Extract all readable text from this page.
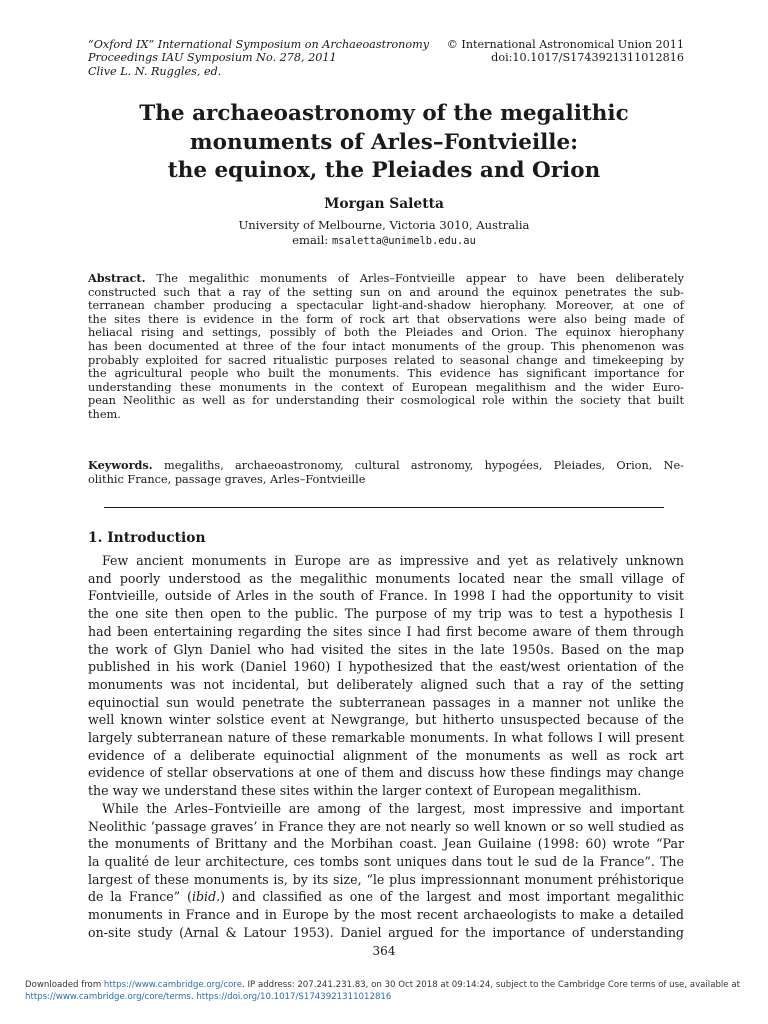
“Oxford IX” International Symposium on Archaeoastronomy
Proceedings IAU Symposium No. 278, 2011
Clive L. N. Ruggles, ed.
© International Astronomical Union 2011
doi:10.1017/S1743921311012816
The archaeoastronomy of the megalithic
monuments of Arles–Fontvieille:
the equinox, the Pleiades and Orion
Morgan Saletta
University of Melbourne, Victoria 3010, Australia
email: msaletta@unimelb.edu.au
Abstract. The megalithic monuments of Arles–Fontvieille appear to have been deliberately
constructed such that a ray of the setting sun on and around the equinox penetrates the sub-
terranean chamber producing a spectacular light-and-shadow hierophany. Moreover, at one of
the sites there is evidence in the form of rock art that observations were also being made of
heliacal rising and settings, possibly of both the Pleiades and Orion. The equinox hierophany
has been documented at three of the four intact monuments of the group. This phenomenon was
probably exploited for sacred ritualistic purposes related to seasonal change and timekeeping by
the agricultural people who built the monuments. This evidence has significant importance for
understanding these monuments in the context of European megalithism and the wider Euro-
pean Neolithic as well as for understanding their cosmological role within the society that built
them.
Keywords. megaliths, archaeoastronomy, cultural astronomy, hypogées, Pleiades, Orion, Ne-
olithic France, passage graves, Arles–Fontvieille
1. Introduction
Few ancient monuments in Europe are as impressive and yet as relatively unknown
and poorly understood as the megalithic monuments located near the small village of
Fontvieille, outside of Arles in the south of France. In 1998 I had the opportunity to visit
the one site then open to the public. The purpose of my trip was to test a hypothesis I
had been entertaining regarding the sites since I had first become aware of them through
the work of Glyn Daniel who had visited the sites in the late 1950s. Based on the map
published in his work (Daniel 1960) I hypothesized that the east/west orientation of the
monuments was not incidental, but deliberately aligned such that a ray of the setting
equinoctial sun would penetrate the subterranean passages in a manner not unlike the
well known winter solstice event at Newgrange, but hitherto unsuspected because of the
largely subterranean nature of these remarkable monuments. In what follows I will present
evidence of a deliberate equinoctial alignment of the monuments as well as rock art
evidence of stellar observations at one of them and discuss how these findings may change
the way we understand these sites within the larger context of European megalithism.
While the Arles–Fontvieille are among of the largest, most impressive and important
Neolithic ‘passage graves’ in France they are not nearly so well known or so well studied as
the monuments of Brittany and the Morbihan coast. Jean Guilaine (1998: 60) wrote “Par
la qualité de leur architecture, ces tombs sont uniques dans tout le sud de la France”. The
largest of these monuments is, by its size, “le plus impressionnant monument préhistorique
de la France” (ibid.) and classified as one of the largest and most important megalithic
monuments in France and in Europe by the most recent archaeologists to make a detailed
on-site study (Arnal & Latour 1953). Daniel argued for the importance of understanding
364
Downloaded from https://www.cambridge.org/core. IP address: 207.241.231.83, on 30 Oct 2018 at 09:14:24, subject to the Cambridge Core terms of use, available at
https://www.cambridge.org/core/terms. https://doi.org/10.1017/S1743921311012816
